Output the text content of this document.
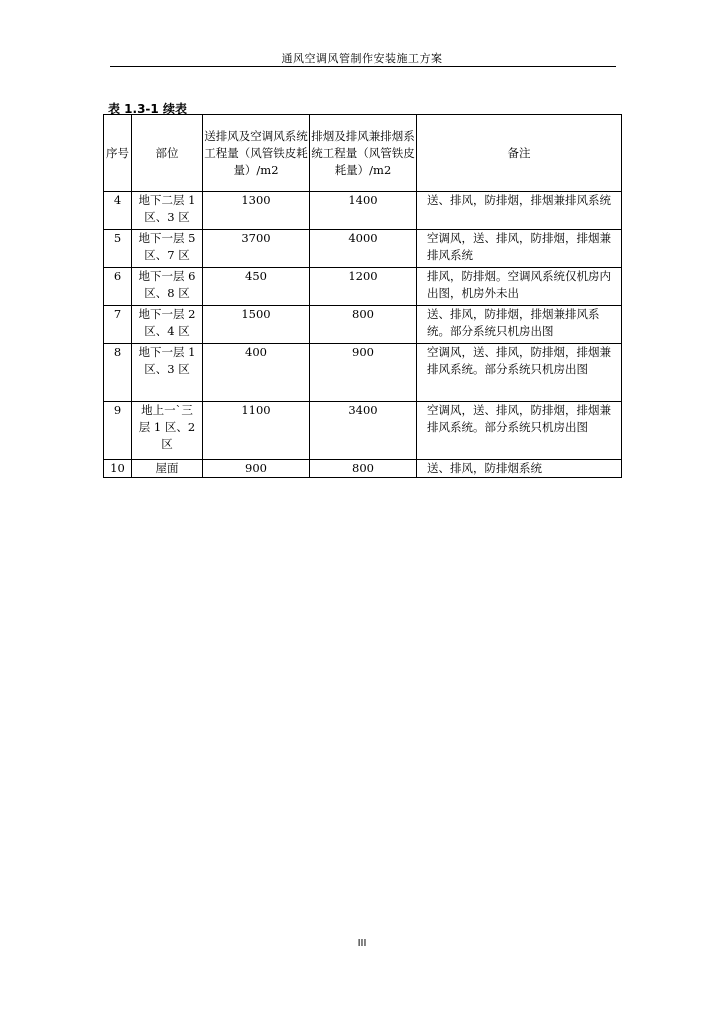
通风空调风管制作安装施工方案
表 1.3-1 续表
序号	部位	送排风及空调风系统工程量（风管铁皮耗量）/m2	排烟及排风兼排烟系统工程量（风管铁皮耗量）/m2	备注
4	地下二层 1 区、3 区	1300	1400	送、排风，防排烟，排烟兼排风系统
5	地下一层 5 区、7 区	3700	4000	空调风，送、排风，防排烟，排烟兼排风系统
6	地下一层 6 区、8 区	450	1200	排风，防排烟。空调风系统仅机房内出图，机房外未出
7	地下一层 2 区、4 区	1500	800	送、排风，防排烟，排烟兼排风系统。部分系统只机房出图
8	地下一层 1 区、3 区	400	900	空调风，送、排风，防排烟，排烟兼排风系统。部分系统只机房出图
9	地上一`三层 1 区、2 区	1100	3400	空调风，送、排风，防排烟，排烟兼排风系统。部分系统只机房出图
10	屋面	900	800	送、排风，防排烟系统
III
